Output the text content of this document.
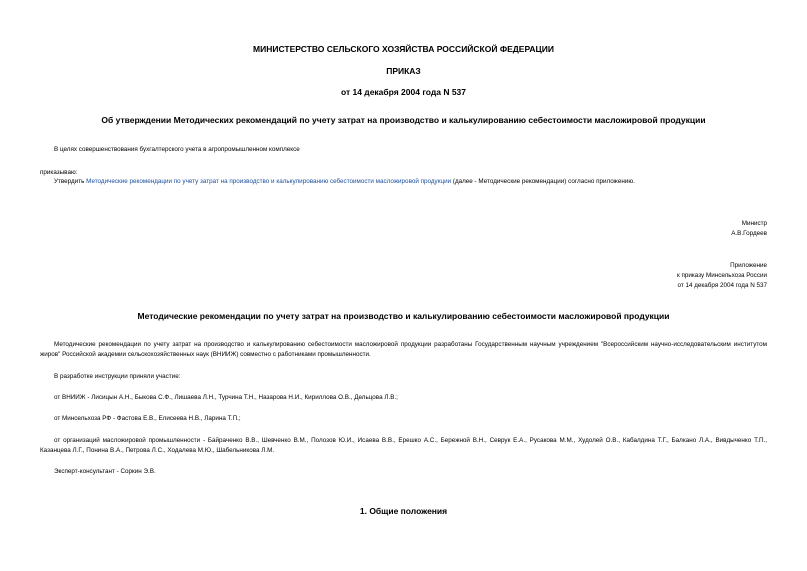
МИНИСТЕРСТВО СЕЛЬСКОГО ХОЗЯЙСТВА РОССИЙСКОЙ ФЕДЕРАЦИИ
ПРИКАЗ
от 14 декабря 2004 года N 537
Об утверждении Методических рекомендаций по учету затрат на производство и калькулированию себестоимости масложировой продукции
В целях совершенствования бухгалтерского учета в агропромышленном комплексе
приказываю:
Утвердить Методические рекомендации по учету затрат на производство и калькулированию себестоимости масложировой продукции (далее - Методические рекомендации) согласно приложению.
Министр
А.В.Гордеев
Приложение
к приказу Минсельхоза России
от 14 декабря 2004 года N 537
Методические рекомендации по учету затрат на производство и калькулированию себестоимости масложировой продукции
Методические рекомендации по учету затрат на производство и калькулированию себестоимости масложировой продукции разработаны Государственным научным учреждением "Всероссийским научно-исследовательским институтом жиров" Российской академии сельскохозяйственных наук (ВНИИЖ) совместно с работниками промышленности.
В разработке инструкции приняли участие:
от ВНИИЖ - Лисицын А.Н., Быкова С.Ф., Лишаева Л.Н., Турчина Т.Н., Назарова Н.И., Кириллова О.В., Дельцова Л.В.;
от Минсельхоза РФ - Фастова Е.В., Елисеева Н.В., Ларина Т.П.;
от организаций масложировой промышленности - Байраченко В.В., Шевченко В.М., Полозов Ю.И., Исаева В.В., Ерешко А.С., Бережной В.Н., Севрук Е.А., Русакова М.М., Худолей О.В., Кабалдина Т.Г., Балкано Л.А., Вивдыченко Т.П., Казанцева Л.Г., Понина В.А., Петрова Л.С., Ходалева М.Ю., Шабельникова Л.М.
Эксперт-консультант - Соркин Э.В.
1. Общие положения
